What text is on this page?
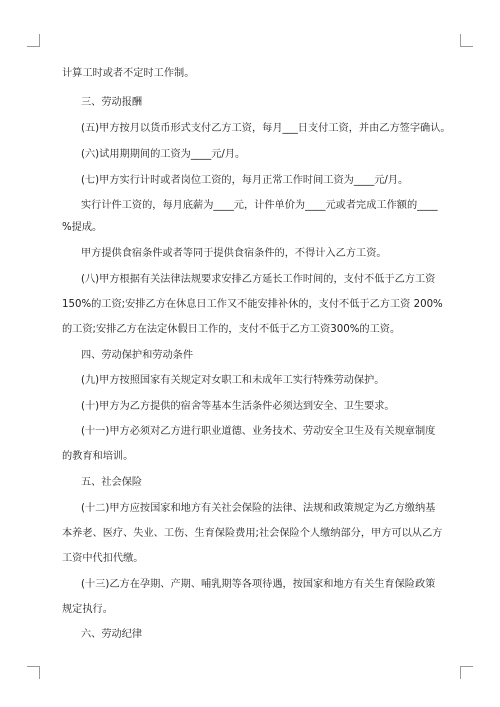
计算工时或者不定时工作制。
三、劳动报酬
(五)甲方按月以货币形式支付乙方工资，每月___日支付工资，并由乙方签字确认。
(六)试用期期间的工资为____元/月。
(七)甲方实行计时或者岗位工资的，每月正常工作时间工资为____元/月。
实行计件工资的，每月底薪为____元，计件单价为____元或者完成工作额的____
%提成。
甲方提供食宿条件或者等同于提供食宿条件的，不得计入乙方工资。
(八)甲方根据有关法律法规要求安排乙方延长工作时间的，支付不低于乙方工资
150%的工资;安排乙方在休息日工作又不能安排补休的，支付不低于乙方工资 200%
的工资;安排乙方在法定休假日工作的，支付不低于乙方工资300%的工资。
四、劳动保护和劳动条件
(九)甲方按照国家有关规定对女职工和未成年工实行特殊劳动保护。
(十)甲方为乙方提供的宿舍等基本生活条件必须达到安全、卫生要求。
(十一)甲方必须对乙方进行职业道德、业务技术、劳动安全卫生及有关规章制度
的教育和培训。
五、社会保险
(十二)甲方应按国家和地方有关社会保险的法律、法规和政策规定为乙方缴纳基
本养老、医疗、失业、工伤、生育保险费用;社会保险个人缴纳部分，甲方可以从乙方
工资中代扣代缴。
(十三)乙方在孕期、产期、哺乳期等各项待遇，按国家和地方有关生育保险政策
规定执行。
六、劳动纪律
